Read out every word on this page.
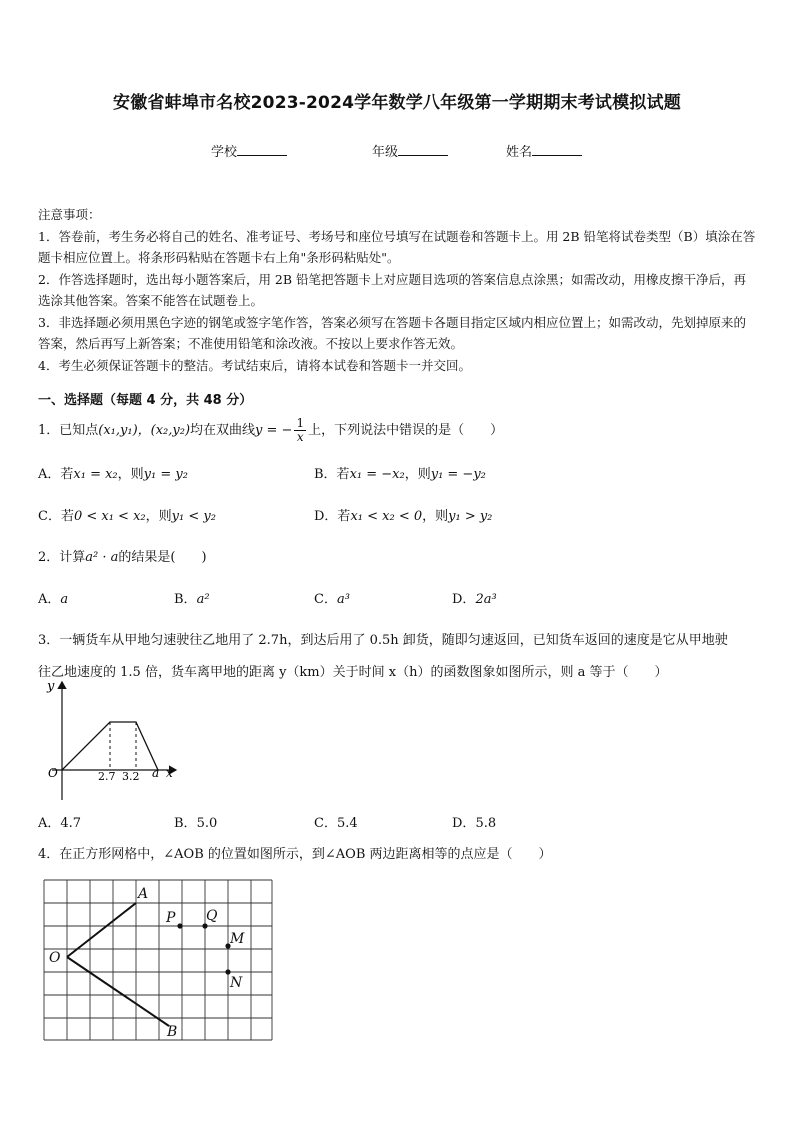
安徽省蚌埠市名校2023-2024学年数学八年级第一学期期末考试模拟试题
学校	年级	姓名

注意事项：

1．答卷前，考生务必将自己的姓名、准考证号、考场号和座位号填写在试题卷和答题卡上。用 2B 铅笔将试卷类型（B）填涂在答题卡相应位置上。将条形码粘贴在答题卡右上角"条形码粘贴处"。

2．作答选择题时，选出每小题答案后，用 2B 铅笔把答题卡上对应题目选项的答案信息点涂黑；如需改动，用橡皮擦干净后，再选涂其他答案。答案不能答在试题卷上。

3．非选择题必须用黑色字迹的钢笔或签字笔作答，答案必须写在答题卡各题目指定区域内相应位置上；如需改动，先划掉原来的答案，然后再写上新答案；不准使用铅笔和涂改液。不按以上要求作答无效。

4．考生必须保证答题卡的整洁。考试结束后，请将本试卷和答题卡一并交回。

一、选择题（每题 4 分，共 48 分）
1．已知点(x₁,y₁)，(x₂,y₂)均在双曲线y = − $\frac{1}{x}$ 上，下列说法中错误的是（　　）
A．若x₁ = x₂，则y₁ = y₂	B．若x₁ = −x₂，则y₁ = −y₂
C．若0 < x₁ < x₂，则y₁ < y₂	D．若x₁ < x₂ < 0，则y₁ > y₂
2．计算a² · a的结果是(　　)
A．a	B．a²	C．a³	D．2a³
3．一辆货车从甲地匀速驶往乙地用了 2.7h，到达后用了 0.5h 卸货，随即匀速返回，已知货车返回的速度是它从甲地驶
往乙地速度的 1.5 倍，货车离甲地的距离 y（km）关于时间 x（h）的函数图象如图所示，则 a 等于（　　）
y
O	2.7 3.2 a x
A．4.7	B．5.0	C．5.4	D．5.8
4．在正方形网格中，∠AOB 的位置如图所示，到∠AOB 两边距离相等的点应是（　　）
A
B
O
P Q
M
N
